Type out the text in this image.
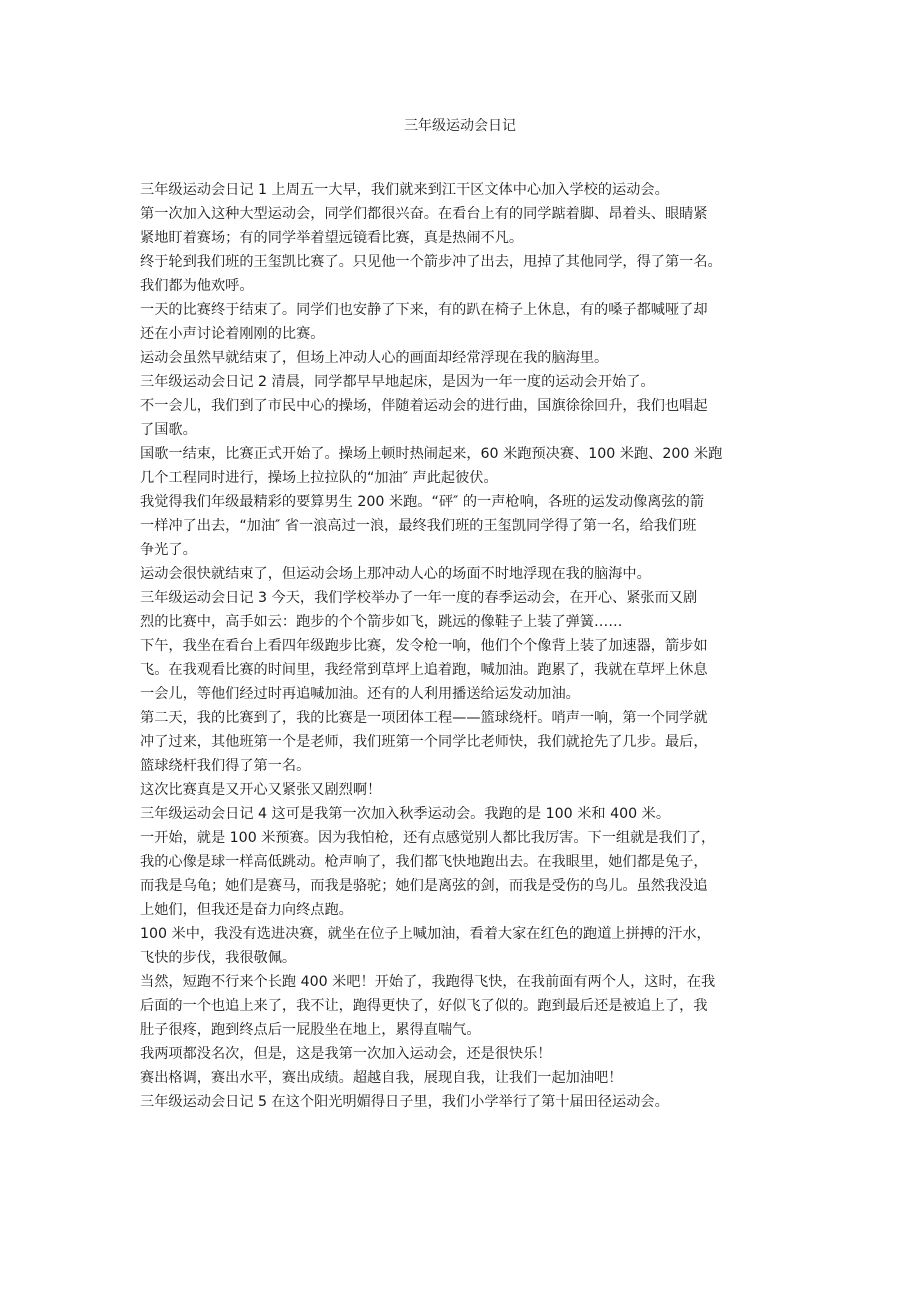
三年级运动会日记
三年级运动会日记 1 上周五一大早，我们就来到江干区文体中心加入学校的运动会。
第一次加入这种大型运动会，同学们都很兴奋。在看台上有的同学踮着脚、昂着头、眼睛紧
紧地盯着赛场；有的同学举着望远镜看比赛，真是热闹不凡。
终于轮到我们班的王玺凯比赛了。只见他一个箭步冲了出去，甩掉了其他同学，得了第一名。
我们都为他欢呼。
一天的比赛终于结束了。同学们也安静了下来，有的趴在椅子上休息，有的嗓子都喊哑了却
还在小声讨论着刚刚的比赛。
运动会虽然早就结束了，但场上冲动人心的画面却经常浮现在我的脑海里。
三年级运动会日记 2 清晨，同学都早早地起床，是因为一年一度的运动会开始了。
不一会儿，我们到了市民中心的操场，伴随着运动会的进行曲，国旗徐徐回升，我们也唱起
了国歌。
国歌一结束，比赛正式开始了。操场上顿时热闹起来，60 米跑预决赛、100 米跑、200 米跑
几个工程同时进行，操场上拉拉队的“加油″ 声此起彼伏。
我觉得我们年级最精彩的要算男生 200 米跑。“砰″ 的一声枪响，各班的运发动像离弦的箭
一样冲了出去，“加油″ 省一浪高过一浪，最终我们班的王玺凯同学得了第一名，给我们班
争光了。
运动会很快就结束了，但运动会场上那冲动人心的场面不时地浮现在我的脑海中。
三年级运动会日记 3 今天，我们学校举办了一年一度的春季运动会，在开心、紧张而又剧
烈的比赛中，高手如云：跑步的个个箭步如飞，跳远的像鞋子上装了弹簧……
下午，我坐在看台上看四年级跑步比赛，发令枪一响，他们个个像背上装了加速器，箭步如
飞。在我观看比赛的时间里，我经常到草坪上追着跑，喊加油。跑累了，我就在草坪上休息
一会儿，等他们经过时再追喊加油。还有的人利用播送给运发动加油。
第二天，我的比赛到了，我的比赛是一项团体工程——篮球绕杆。哨声一响，第一个同学就
冲了过来，其他班第一个是老师，我们班第一个同学比老师快，我们就抢先了几步。最后，
篮球绕杆我们得了第一名。
这次比赛真是又开心又紧张又剧烈啊！
三年级运动会日记 4 这可是我第一次加入秋季运动会。我跑的是 100 米和 400 米。
一开始，就是 100 米预赛。因为我怕枪，还有点感觉别人都比我厉害。下一组就是我们了，
我的心像是球一样高低跳动。枪声响了，我们都飞快地跑出去。在我眼里，她们都是兔子，
而我是乌龟；她们是赛马，而我是骆驼；她们是离弦的剑，而我是受伤的鸟儿。虽然我没追
上她们，但我还是奋力向终点跑。
100 米中，我没有选进决赛，就坐在位子上喊加油，看着大家在红色的跑道上拼搏的汗水，
飞快的步伐，我很敬佩。
当然，短跑不行来个长跑 400 米吧！开始了，我跑得飞快，在我前面有两个人，这时，在我
后面的一个也追上来了，我不让，跑得更快了，好似飞了似的。跑到最后还是被追上了，我
肚子很疼，跑到终点后一屁股坐在地上，累得直喘气。
我两项都没名次，但是，这是我第一次加入运动会，还是很快乐！
赛出格调，赛出水平，赛出成绩。超越自我，展现自我，让我们一起加油吧！
三年级运动会日记 5 在这个阳光明媚得日子里，我们小学举行了第十届田径运动会。
